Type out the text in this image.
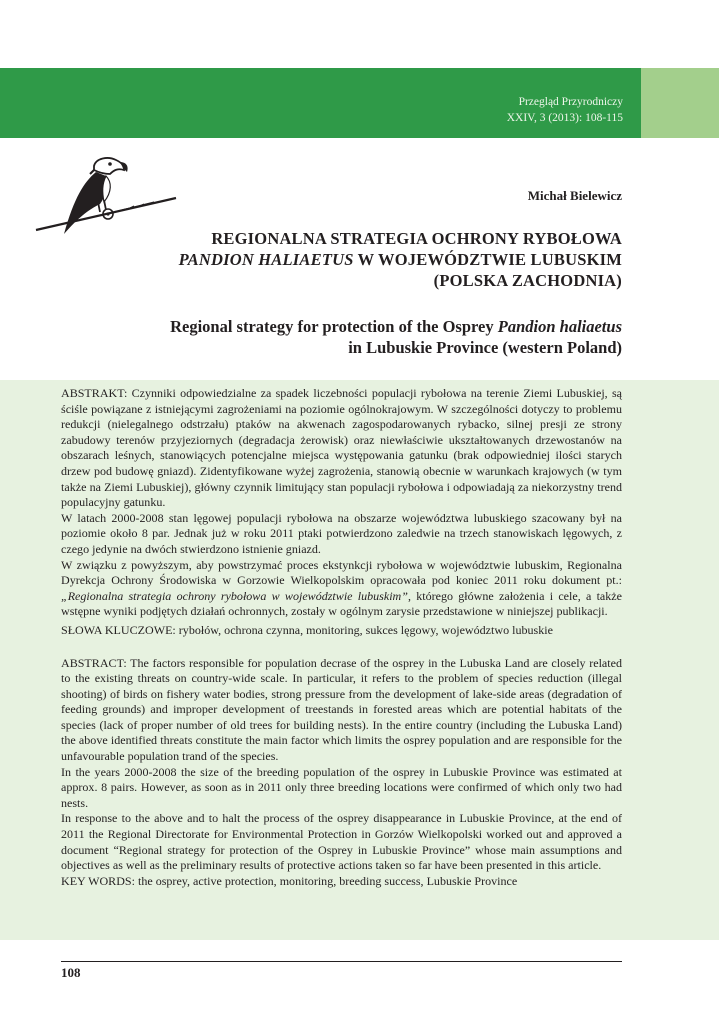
Przegląd Przyrodniczy
XXIV, 3 (2013): 108-115
Michał Bielewicz
REGIONALNA STRATEGIA OCHRONY RYBOŁOWA
PANDION HALIAETUS W WOJEWÓDZTWIE LUBUSKIM
(POLSKA ZACHODNIA)
Regional strategy for protection of the Osprey Pandion haliaetus
in Lubuskie Province (western Poland)

ABSTRAKT: Czynniki odpowiedzialne za spadek liczebności populacji rybołowa na terenie Ziemi Lubuskiej, są ściśle powiązane z istniejącymi zagrożeniami na poziomie ogólnokrajowym. W szczególności dotyczy to problemu redukcji (nielegalnego odstrzału) ptaków na akwenach zagospodarowanych rybacko, silnej presji ze strony zabudowy terenów przyjeziornych (degradacja żerowisk) oraz niewłaściwie ukształtowanych drzewostanów na obszarach leśnych, stanowiących potencjalne miejsca występowania gatunku (brak odpowiedniej ilości starych drzew pod budowę gniazd). Zidentyfikowane wyżej zagrożenia, stanowią obecnie w warunkach krajowych (w tym także na Ziemi Lubuskiej), główny czynnik limitujący stan populacji rybołowa i odpowiadają za niekorzystny trend populacyjny gatunku.

W latach 2000-2008 stan lęgowej populacji rybołowa na obszarze województwa lubuskiego szacowany był na poziomie około 8 par. Jednak już w roku 2011 ptaki potwierdzono zaledwie na trzech stanowiskach lęgowych, z czego jedynie na dwóch stwierdzono istnienie gniazd.

W związku z powyższym, aby powstrzymać proces ekstynkcji rybołowa w województwie lubuskim, Regionalna Dyrekcja Ochrony Środowiska w Gorzowie Wielkopolskim opracowała pod koniec 2011 roku dokument pt.: „Regionalna strategia ochrony rybołowa w województwie lubuskim”, którego główne założenia i cele, a także wstępne wyniki podjętych działań ochronnych, zostały w ogólnym zarysie przedstawione w niniejszej publikacji.

SŁOWA KLUCZOWE: rybołów, ochrona czynna, monitoring, sukces lęgowy, województwo lubuskie

ABSTRACT: The factors responsible for population decrase of the osprey in the Lubuska Land are closely related to the existing threats on country-wide scale. In particular, it refers to the problem of species reduction (illegal shooting) of birds on fishery water bodies, strong pressure from the development of lake-side areas (degradation of feeding grounds) and improper development of treestands in forested areas which are potential habitats of the species (lack of proper number of old trees for building nests). In the entire country (including the Lubuska Land) the above identified threats constitute the main factor which limits the osprey population and are responsible for the unfavourable population trand of the species.

In the years 2000-2008 the size of the breeding population of the osprey in Lubuskie Province was estimated at approx. 8 pairs. However, as soon as in 2011 only three breeding locations were confirmed of which only two had nests.

In response to the above and to halt the process of the osprey disappearance in Lubuskie Province, at the end of 2011 the Regional Directorate for Environmental Protection in Gorzów Wielkopolski worked out and approved a document “Regional strategy for protection of the Osprey in Lubuskie Province” whose main assumptions and objectives as well as the preliminary results of protective actions taken so far have been presented in this article.

KEY WORDS: the osprey, active protection, monitoring, breeding success, Lubuskie Province

108
